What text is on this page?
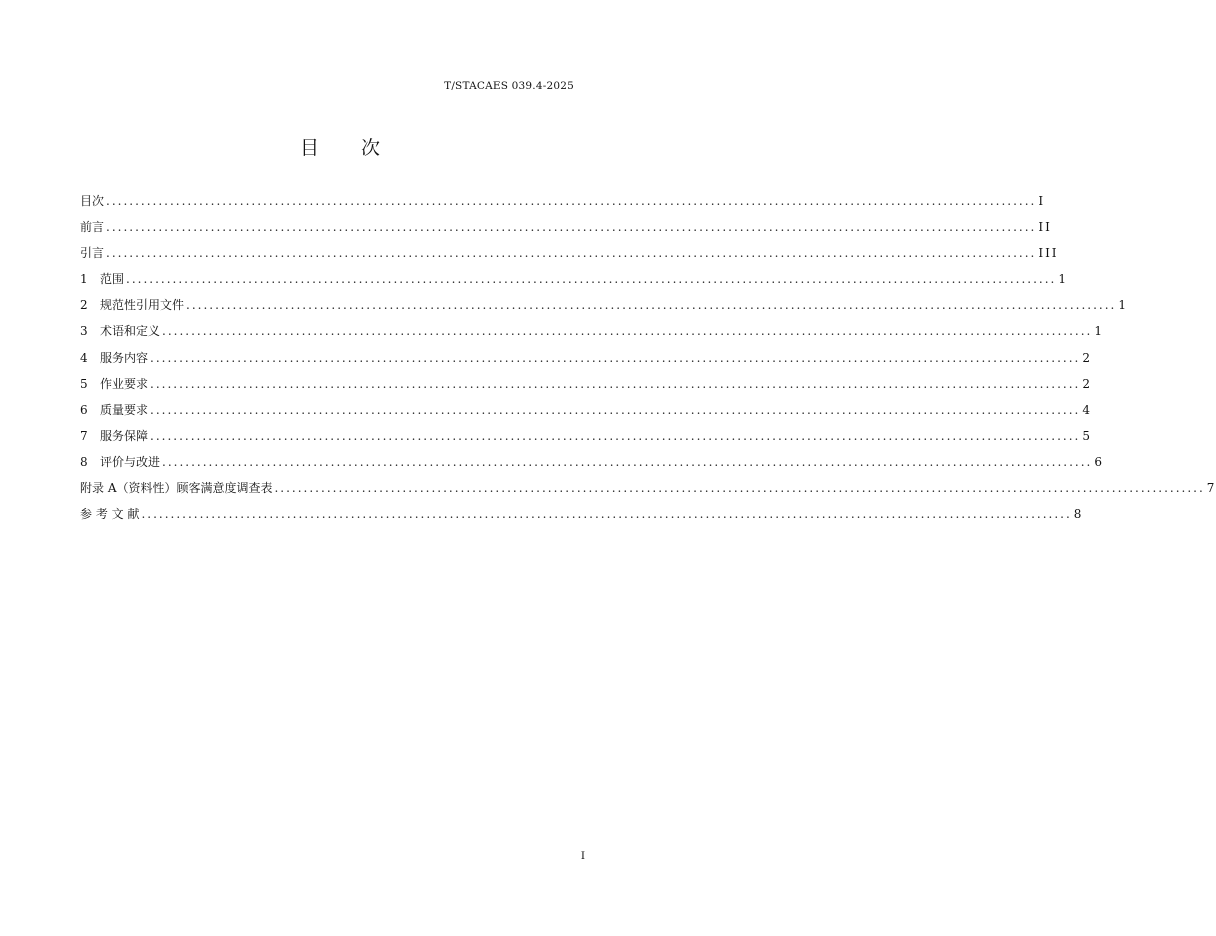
T/STACAES 039.4-2025
目 次
目次 ................................................................................................................................................................ I
前言 ................................................................................................................................................................ II
引言 ................................................................................................................................................................ III
1	范围 ................................................................................................................................................................ 1
2	规范性引用文件 ................................................................................................................................................................ 1
3	术语和定义 ................................................................................................................................................................ 1
4	服务内容 ................................................................................................................................................................ 2
5	作业要求 ................................................................................................................................................................ 2
6	质量要求 ................................................................................................................................................................ 4
7	服务保障 ................................................................................................................................................................ 5
8	评价与改进 ................................................................................................................................................................ 6
附录 A（资料性）顾客满意度调查表 ................................................................................................................................................................ 7
参 考 文 献 ................................................................................................................................................................ 8
I
